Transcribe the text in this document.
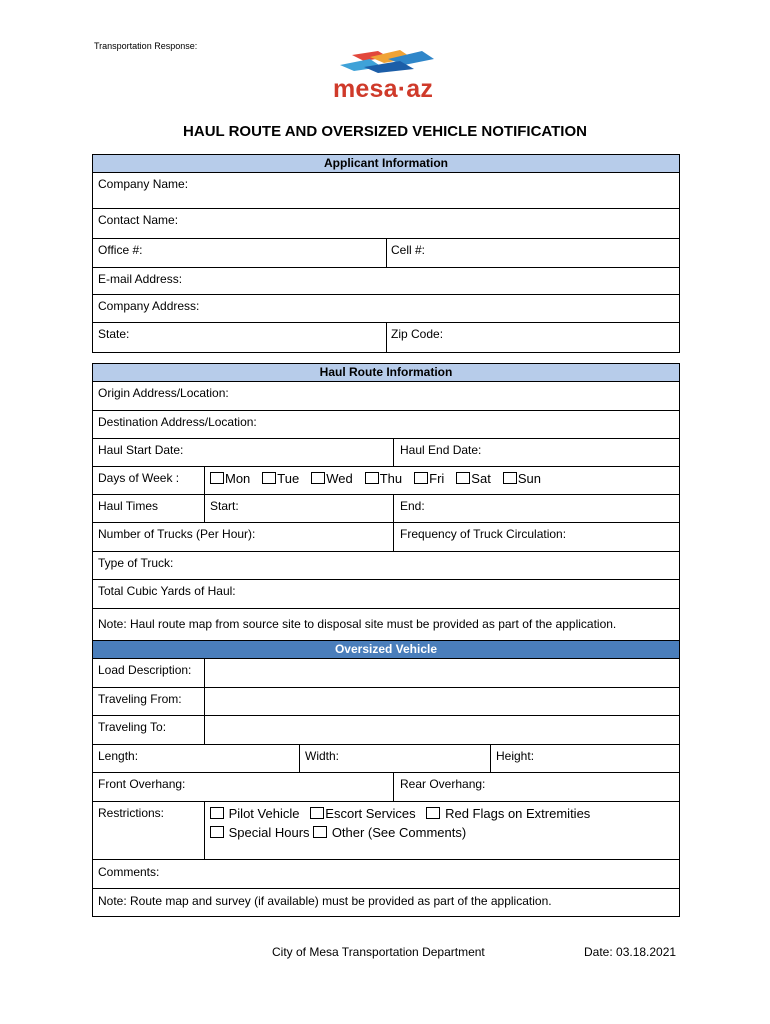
Transportation Response:
mesa·az
HAUL ROUTE AND OVERSIZED VEHICLE NOTIFICATION
Applicant Information
Company Name:
Contact Name:
Office #:	Cell #:
E-mail Address:
Company Address:
State:	Zip Code:
Haul Route Information
Origin Address/Location:
Destination Address/Location:
Haul Start Date:	Haul End Date:
Days of Week :	Mon Tue Wed Thu Fri Sat Sun
Haul Times	Start:	End:
Number of Trucks (Per Hour):	Frequency of Truck Circulation:
Type of Truck:
Total Cubic Yards of Haul:
Note: Haul route map from source site to disposal site must be provided as part of the application.
Oversized Vehicle
Load Description:
Traveling From:
Traveling To:
Length:	Width:	Height:
Front Overhang:	Rear Overhang:
Restrictions:	Pilot Vehicle Escort Services Red Flags on Extremities
Special Hours Other (See Comments)
Comments:
Note: Route map and survey (if available) must be provided as part of the application.
City of Mesa Transportation Department	Date: 03.18.2021
